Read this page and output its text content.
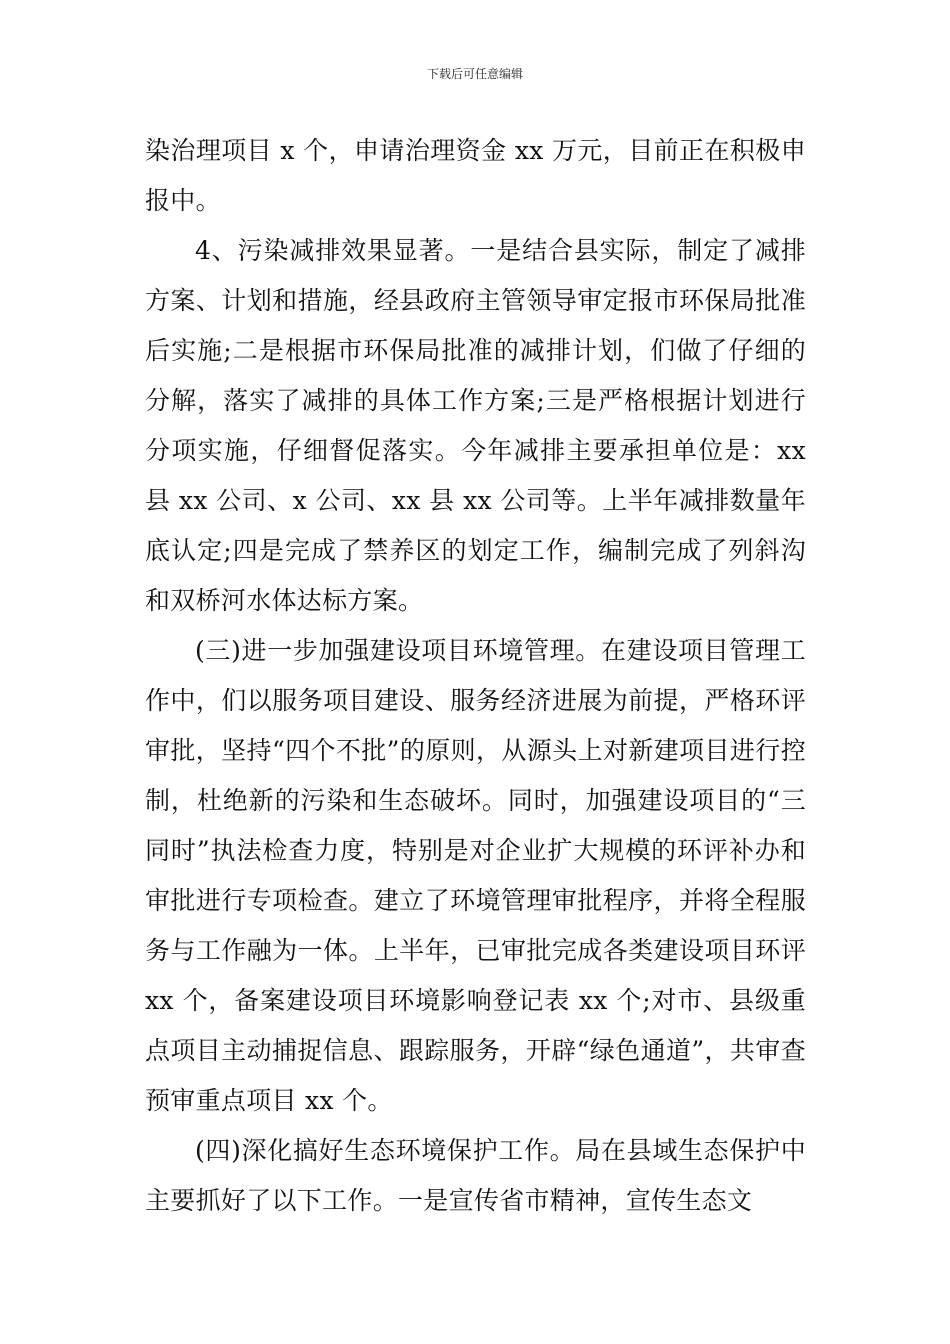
下载后可任意编辑

染治理项目 x 个，申请治理资金 xx 万元，目前正在积极申报中。

4、污染减排效果显著。一是结合县实际，制定了减排方案、计划和措施，经县政府主管领导审定报市环保局批准后实施;二是根据市环保局批准的减排计划，们做了仔细的分解，落实了减排的具体工作方案;三是严格根据计划进行分项实施，仔细督促落实。今年减排主要承担单位是：xx 县 xx 公司、x 公司、xx 县 xx 公司等。上半年减排数量年底认定;四是完成了禁养区的划定工作，编制完成了列斜沟和双桥河水体达标方案。

(三)进一步加强建设项目环境管理。在建设项目管理工作中，们以服务项目建设、服务经济进展为前提，严格环评审批，坚持“四个不批”的原则，从源头上对新建项目进行控制，杜绝新的污染和生态破坏。同时，加强建设项目的“三同时”执法检查力度，特别是对企业扩大规模的环评补办和审批进行专项检查。建立了环境管理审批程序，并将全程服务与工作融为一体。上半年，已审批完成各类建设项目环评 xx 个，备案建设项目环境影响登记表 xx 个;对市、县级重点项目主动捕捉信息、跟踪服务，开辟“绿色通道”，共审查预审重点项目 xx 个。

(四)深化搞好生态环境保护工作。局在县域生态保护中主要抓好了以下工作。一是宣传省市精神，宣传生态文
